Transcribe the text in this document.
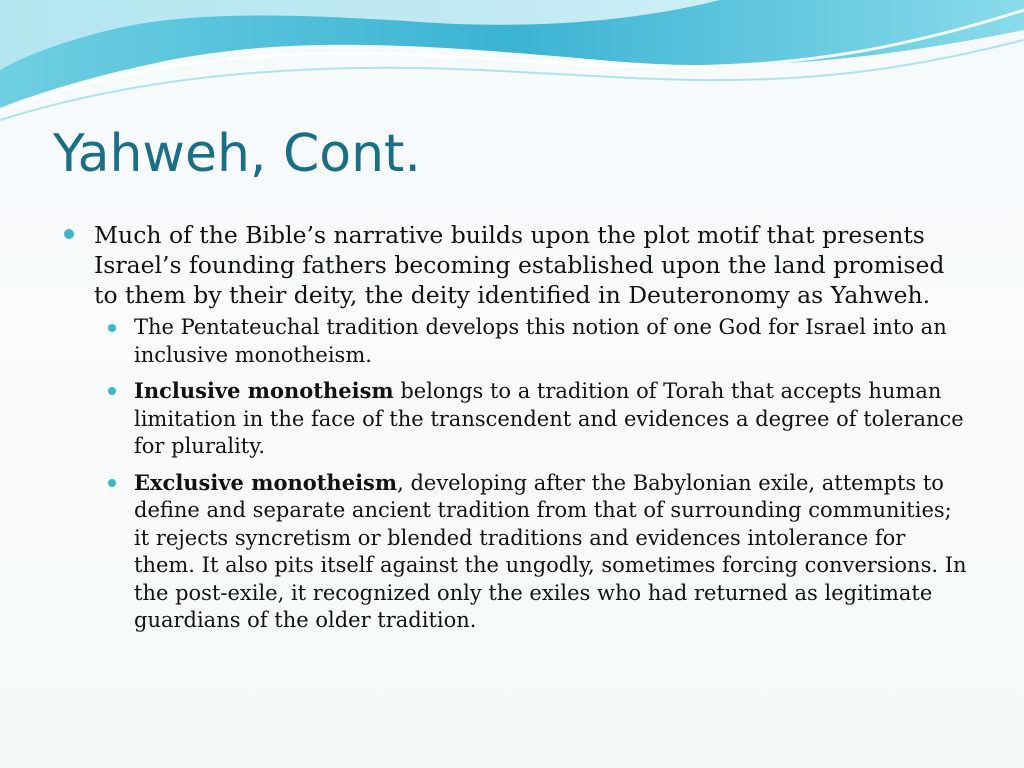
Yahweh, Cont.
Much of the Bible’s narrative builds upon the plot motif that presents Israel’s founding fathers becoming established upon the land promised to them by their deity, the deity identified in Deuteronomy as Yahweh.
The Pentateuchal tradition develops this notion of one God for Israel into an inclusive monotheism.
Inclusive monotheism belongs to a tradition of Torah that accepts human limitation in the face of the transcendent and evidences a degree of tolerance for plurality.
Exclusive monotheism, developing after the Babylonian exile, attempts to define and separate ancient tradition from that of surrounding communities; it rejects syncretism or blended traditions and evidences intolerance for them. It also pits itself against the ungodly, sometimes forcing conversions. In the post-exile, it recognized only the exiles who had returned as legitimate guardians of the older tradition.
